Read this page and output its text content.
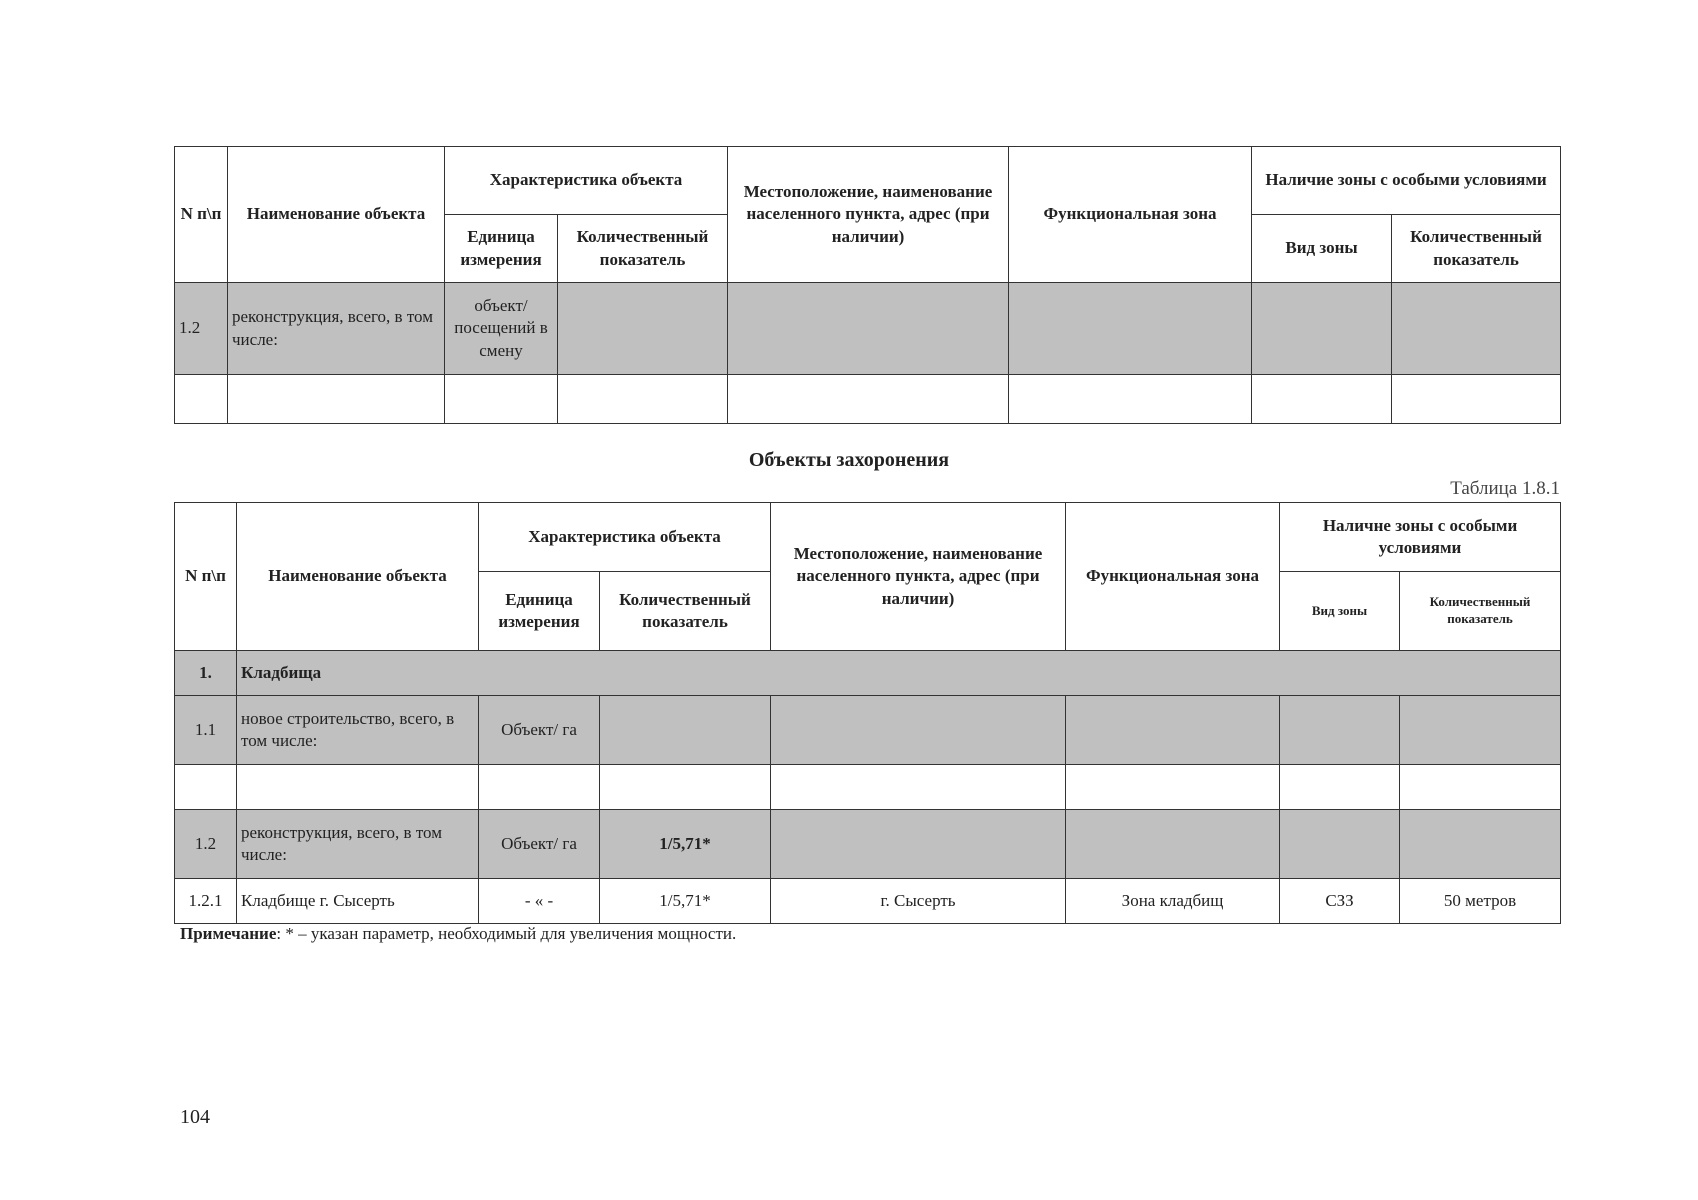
N п\п	Наименование объекта	Характеристика объекта		Местоположение, наименование населенного пункта, адрес (при наличии)	Функциональная зона	Наличие зоны с особыми условиями	
		Единица измерения	Количественный показатель			Вид зоны	Количественный показатель
1.2	реконструкция, всего, в том числе:	объект/ посещений в смену					

Объекты захоронения
Таблица 1.8.1
N п\п	Наименование объекта	Характеристика объекта		Местоположение, наименование населенного пункта, адрес (при наличии)	Функциональная зона	Наличне зоны с особыми условиями	
		Единица измерения	Количественный показатель			Вид зоны	Количественный показатель
1.	Кладбища						
1.1	новое строительство, всего, в том числе:	Объект/ га					

1.2	реконструкция, всего, в том числе:	Объект/ га	1/5,71*				
1.2.1	Кладбище г. Сысерть	- « -	1/5,71*	г. Сысерть	Зона кладбищ	СЗЗ	50 метров
Примечание: * – указан параметр, необходимый для увеличения мощности.
104
